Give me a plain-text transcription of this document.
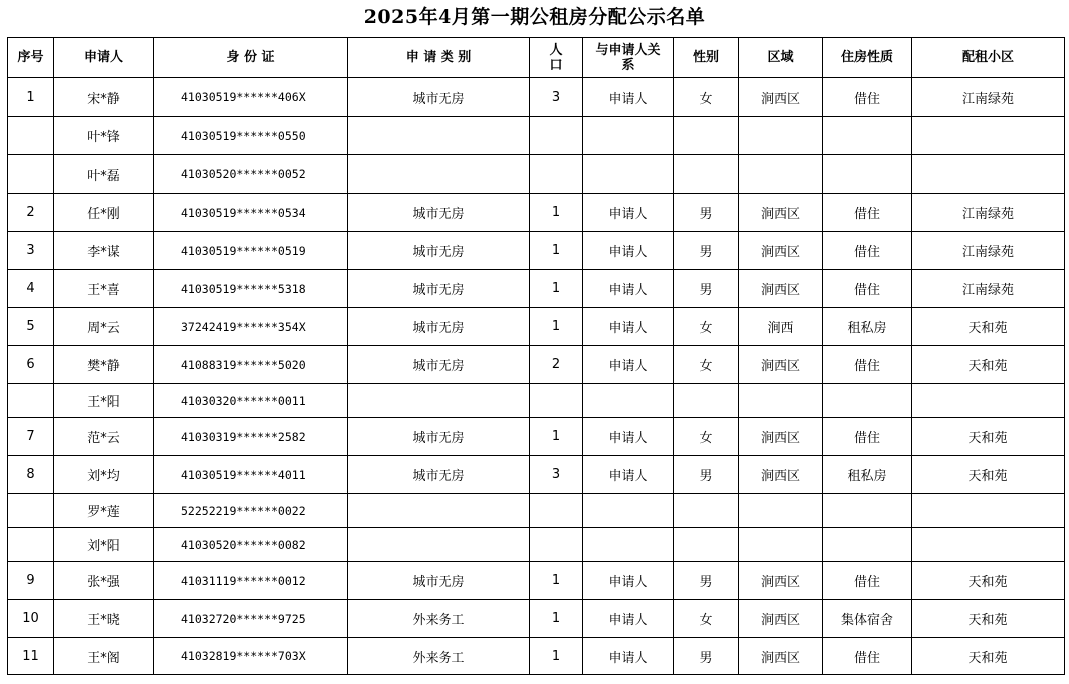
2025年4月第一期公租房分配公示名单
序号	申请人	身 份 证	申 请 类 别	人口	与申请人关系	性别	区域	住房性质	配租小区
1	宋*静	41030519******406X	城市无房	3	申请人	女	涧西区	借住	江南绿苑
	叶*锋	41030519******0550							
	叶*磊	41030520******0052							
2	任*刚	41030519******0534	城市无房	1	申请人	男	涧西区	借住	江南绿苑
3	李*谋	41030519******0519	城市无房	1	申请人	男	涧西区	借住	江南绿苑
4	王*喜	41030519******5318	城市无房	1	申请人	男	涧西区	借住	江南绿苑
5	周*云	37242419******354X	城市无房	1	申请人	女	涧西	租私房	天和苑
6	樊*静	41088319******5020	城市无房	2	申请人	女	涧西区	借住	天和苑
	王*阳	41030320******0011							
7	范*云	41030319******2582	城市无房	1	申请人	女	涧西区	借住	天和苑
8	刘*均	41030519******4011	城市无房	3	申请人	男	涧西区	租私房	天和苑
	罗*莲	52252219******0022							
	刘*阳	41030520******0082							
9	张*强	41031119******0012	城市无房	1	申请人	男	涧西区	借住	天和苑
10	王*晓	41032720******9725	外来务工	1	申请人	女	涧西区	集体宿舍	天和苑
11	王*阁	41032819******703X	外来务工	1	申请人	男	涧西区	借住	天和苑
